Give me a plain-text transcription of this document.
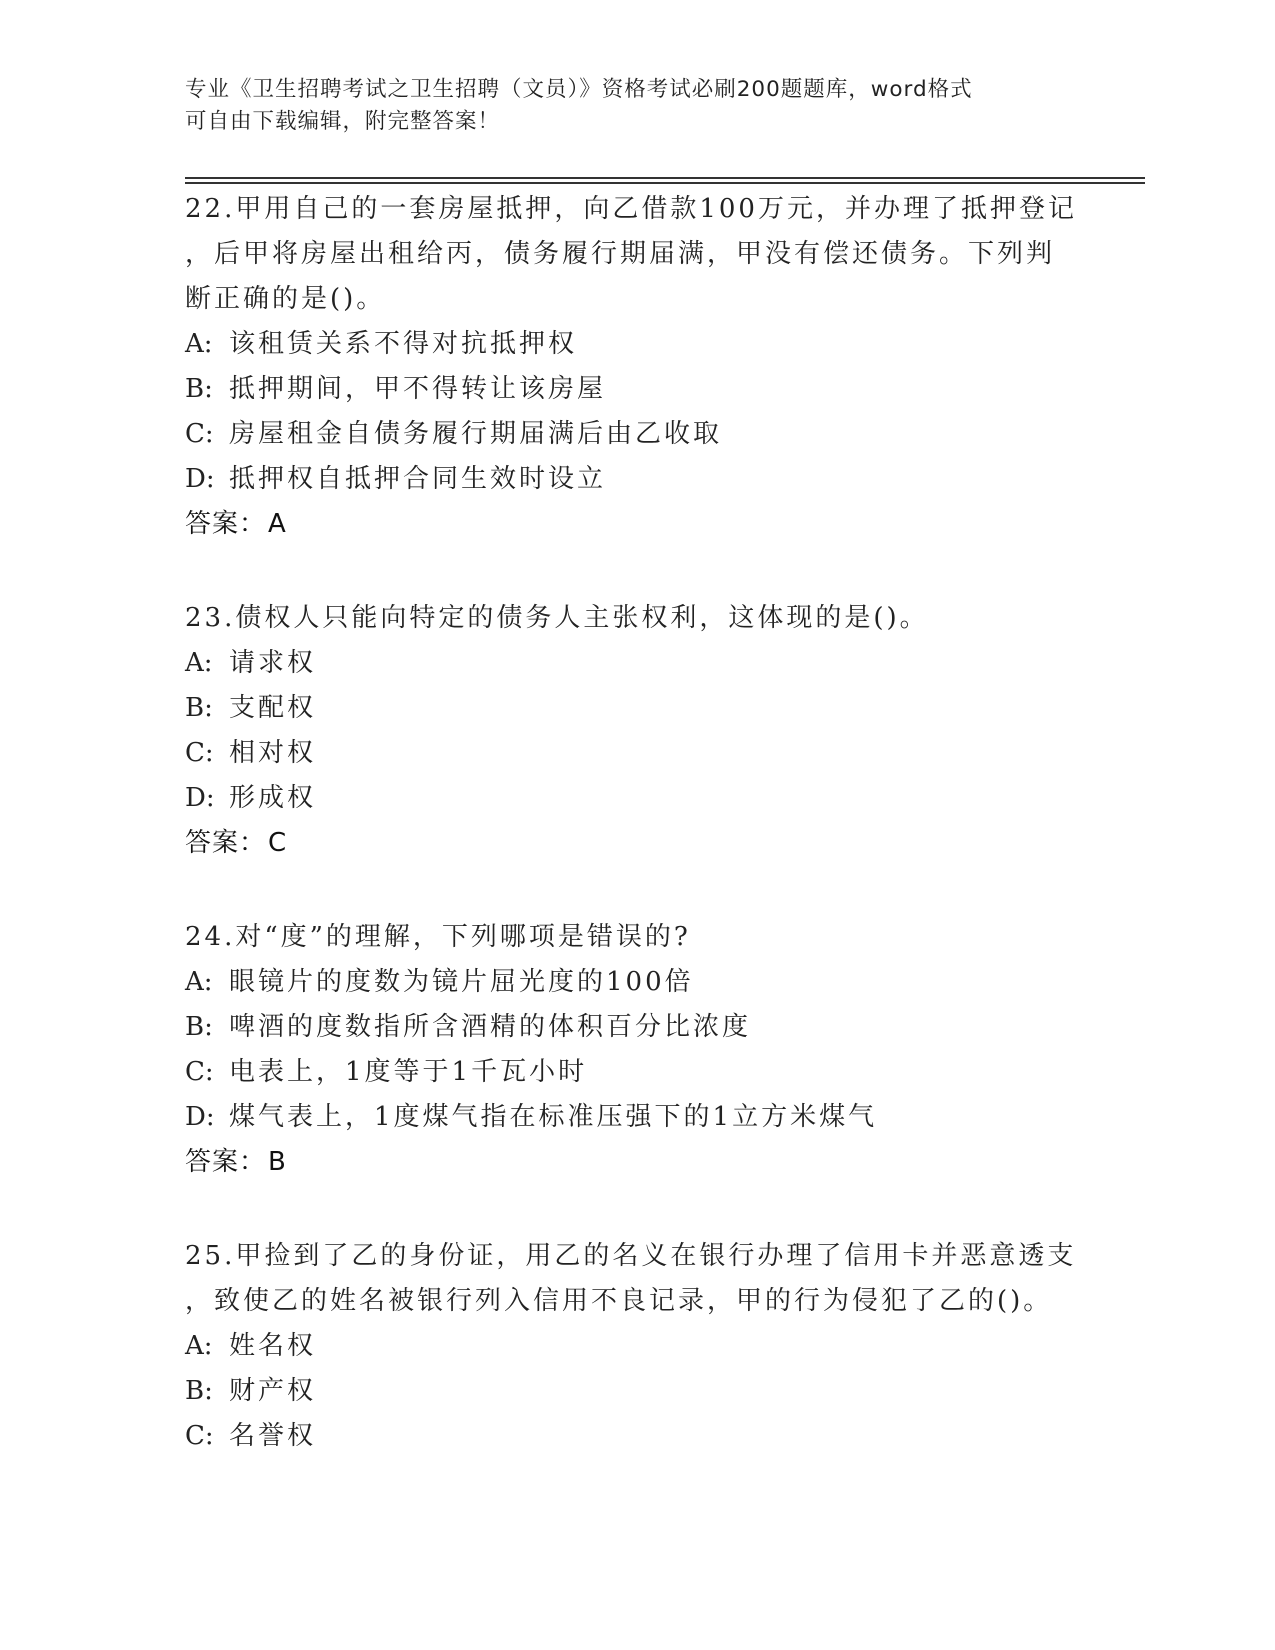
专业《卫生招聘考试之卫生招聘（文员）》资格考试必刷200题题库，word格式
可自由下载编辑，附完整答案！

22.甲用自己的一套房屋抵押，向乙借款100万元，并办理了抵押登记

，后甲将房屋出租给丙，债务履行期届满，甲没有偿还债务。下列判

断正确的是()。

A: 该租赁关系不得对抗抵押权

B: 抵押期间，甲不得转让该房屋

C: 房屋租金自债务履行期届满后由乙收取

D: 抵押权自抵押合同生效时设立

答案：A

23.债权人只能向特定的债务人主张权利，这体现的是()。

A: 请求权

B: 支配权

C: 相对权

D: 形成权

答案：C

24.对“度”的理解，下列哪项是错误的?

A: 眼镜片的度数为镜片屈光度的100倍

B: 啤酒的度数指所含酒精的体积百分比浓度

C: 电表上，1度等于1千瓦小时

D: 煤气表上，1度煤气指在标准压强下的1立方米煤气

答案：B

25.甲捡到了乙的身份证，用乙的名义在银行办理了信用卡并恶意透支

，致使乙的姓名被银行列入信用不良记录，甲的行为侵犯了乙的()。

A: 姓名权

B: 财产权

C: 名誉权
